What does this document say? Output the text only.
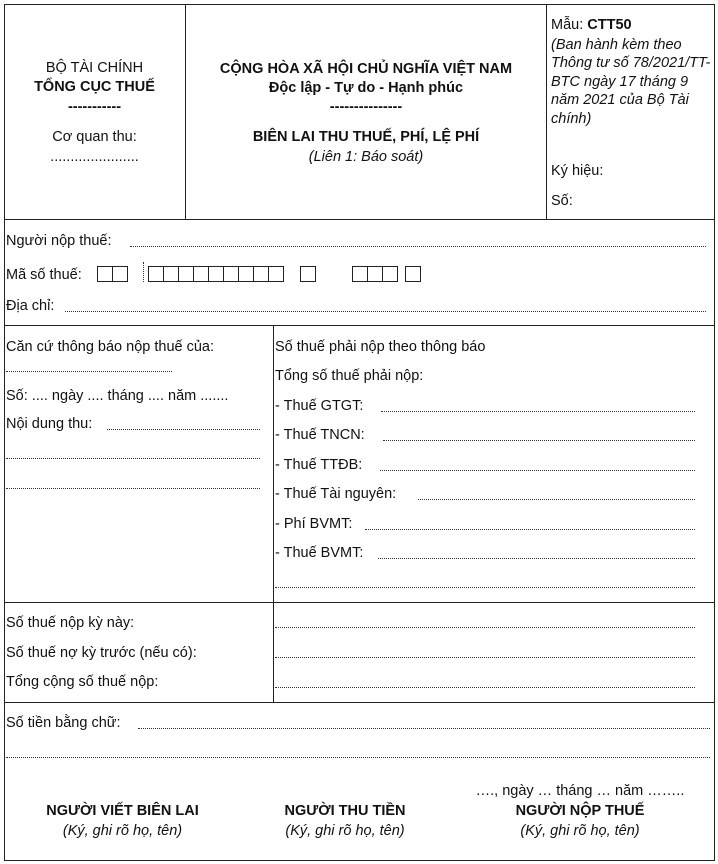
BỘ TÀI CHÍNH
TỔNG CỤC THUẾ
-----------
Cơ quan thu:
......................
CỘNG HÒA XÃ HỘI CHỦ NGHĨA VIỆT NAM
Độc lập - Tự do - Hạnh phúc
---------------
BIÊN LAI THU THUẾ, PHÍ, LỆ PHÍ
(Liên 1: Báo soát)
Mẫu: CTT50
(Ban hành kèm theo Thông tư số 78/2021/TT-BTC ngày 17 tháng 9 năm 2021 của Bộ Tài chính)
Ký hiệu:
Số:
Người nộp thuế:
Mã số thuế:
Địa chỉ:
Căn cứ thông báo nộp thuế của:
Số: .... ngày .... tháng .... năm .......
Nội dung thu:
Số thuế phải nộp theo thông báo
Tổng số thuế phải nộp:
- Thuế GTGT:
- Thuế TNCN:
- Thuế TTĐB:
- Thuế Tài nguyên:
- Phí BVMT:
- Thuế BVMT:
Số thuế nộp kỳ này:
Số thuế nợ kỳ trước (nếu có):
Tổng cộng số thuế nộp:
Số tiền bằng chữ:
…., ngày … tháng … năm ……..
NGƯỜI VIẾT BIÊN LAI
(Ký, ghi rõ họ, tên)
NGƯỜI THU TIỀN
(Ký, ghi rõ họ, tên)
NGƯỜI NỘP THUẾ
(Ký, ghi rõ họ, tên)
